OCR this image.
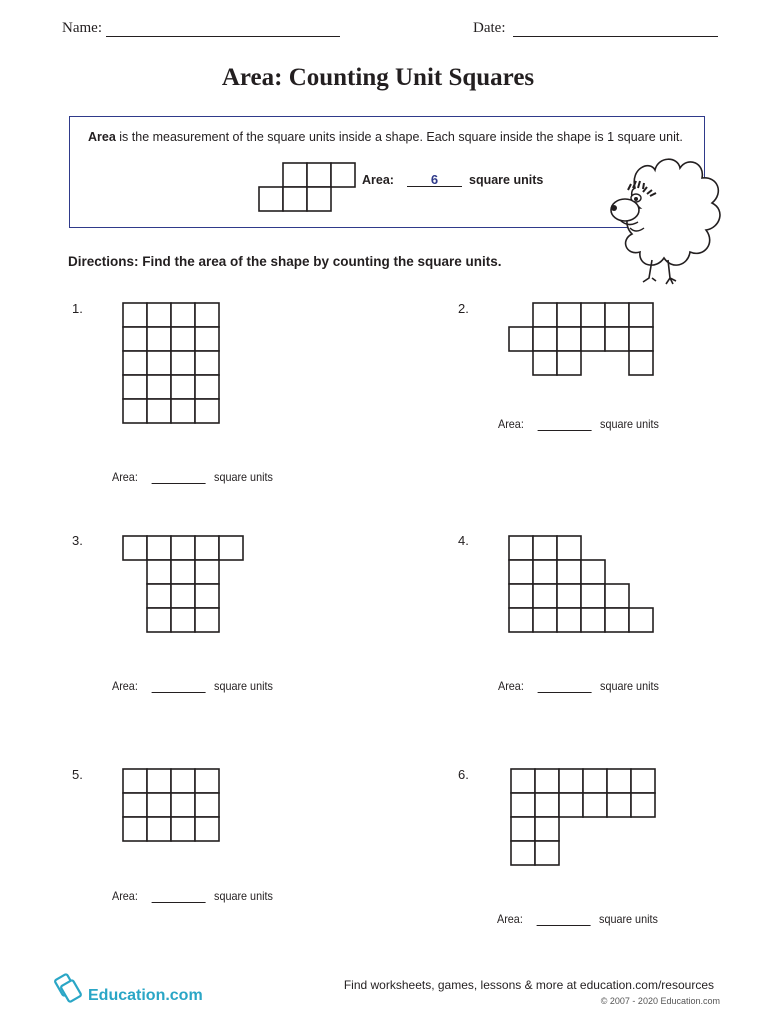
Name:	Date:
Area: Counting Unit Squares
Area is the measurement of the square units inside a shape. Each square inside the shape is 1 square unit.
Area:	6	square units
Directions: Find the area of the shape by counting the square units.
1.
Area:	square units
2.
Area:	square units
3.
Area:	square units
4.
Area:	square units
5.
Area:	square units
6.
Area:	square units
Education.com
Find worksheets, games, lessons & more at education.com/resources
© 2007 - 2020 Education.com
